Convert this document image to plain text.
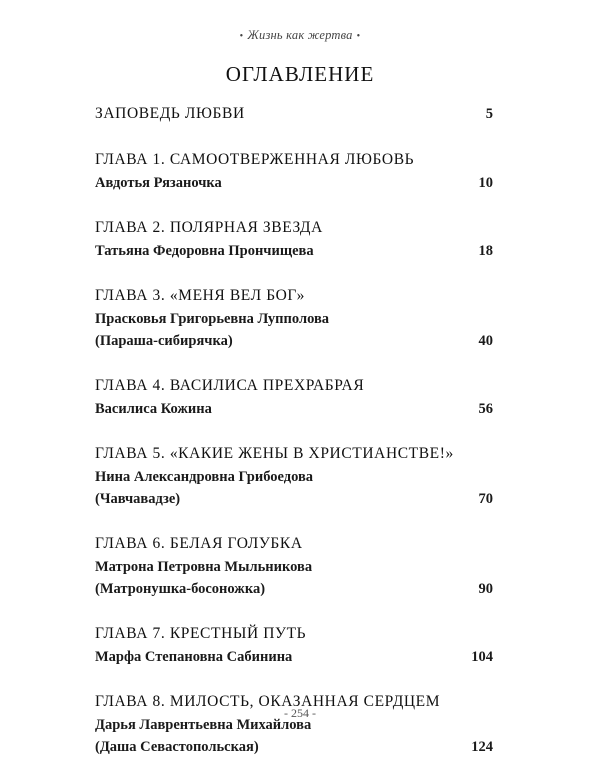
• Жизнь как жертва •
ОГЛАВЛЕНИЕ
ЗАПОВЕДЬ ЛЮБВИ	5
ГЛАВА 1. САМООТВЕРЖЕННАЯ ЛЮБОВЬ
Авдотья Рязаночка	10
ГЛАВА 2. ПОЛЯРНАЯ ЗВЕЗДА
Татьяна Федоровна Прончищева	18
ГЛАВА 3. «МЕНЯ ВЕЛ БОГ»
Прасковья Григорьевна Лупполова
(Параша-сибирячка)	40
ГЛАВА 4. ВАСИЛИСА ПРЕХРАБРАЯ
Василиса Кожина	56
ГЛАВА 5. «КАКИЕ ЖЕНЫ В ХРИСТИАНСТВЕ!»
Нина Александровна Грибоедова
(Чавчавадзе)	70
ГЛАВА 6. БЕЛАЯ ГОЛУБКА
Матрона Петровна Мыльникова
(Матронушка-босоножка)	90
ГЛАВА 7. КРЕСТНЫЙ ПУТЬ
Марфа Степановна Сабинина	104
ГЛАВА 8. МИЛОСТЬ, ОКАЗАННАЯ СЕРДЦЕМ
Дарья Лаврентьевна Михайлова
(Даша Севастопольская)	124
- 254 -
